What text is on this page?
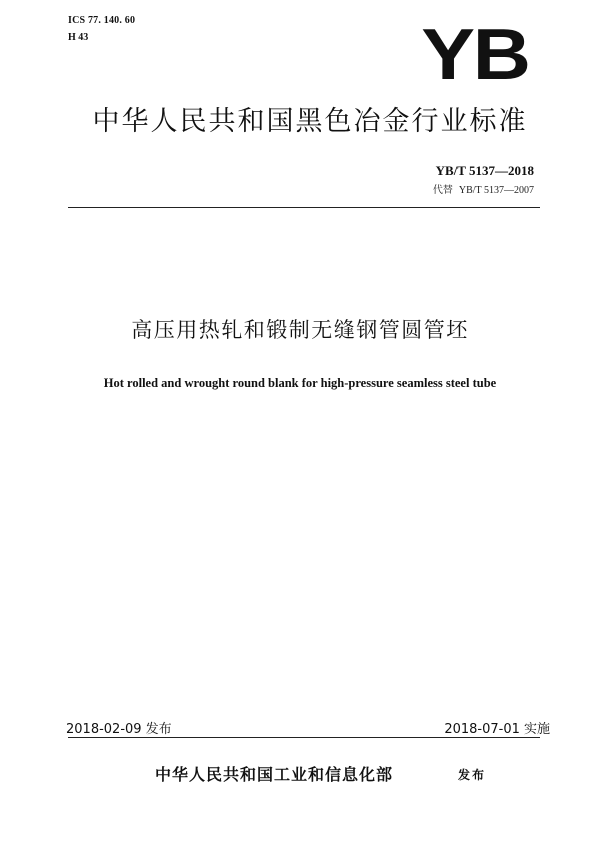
ICS 77. 140. 60
H 43	YB
中华人民共和国黑色冶金行业标准
YB/T 5137—2018
代替 YB/T 5137—2007
高压用热轧和锻制无缝钢管圆管坯
Hot rolled and wrought round blank for high-pressure seamless steel tube
2018-02-09 发布	2018-07-01 实施
中华人民共和国工业和信息化部	发布
